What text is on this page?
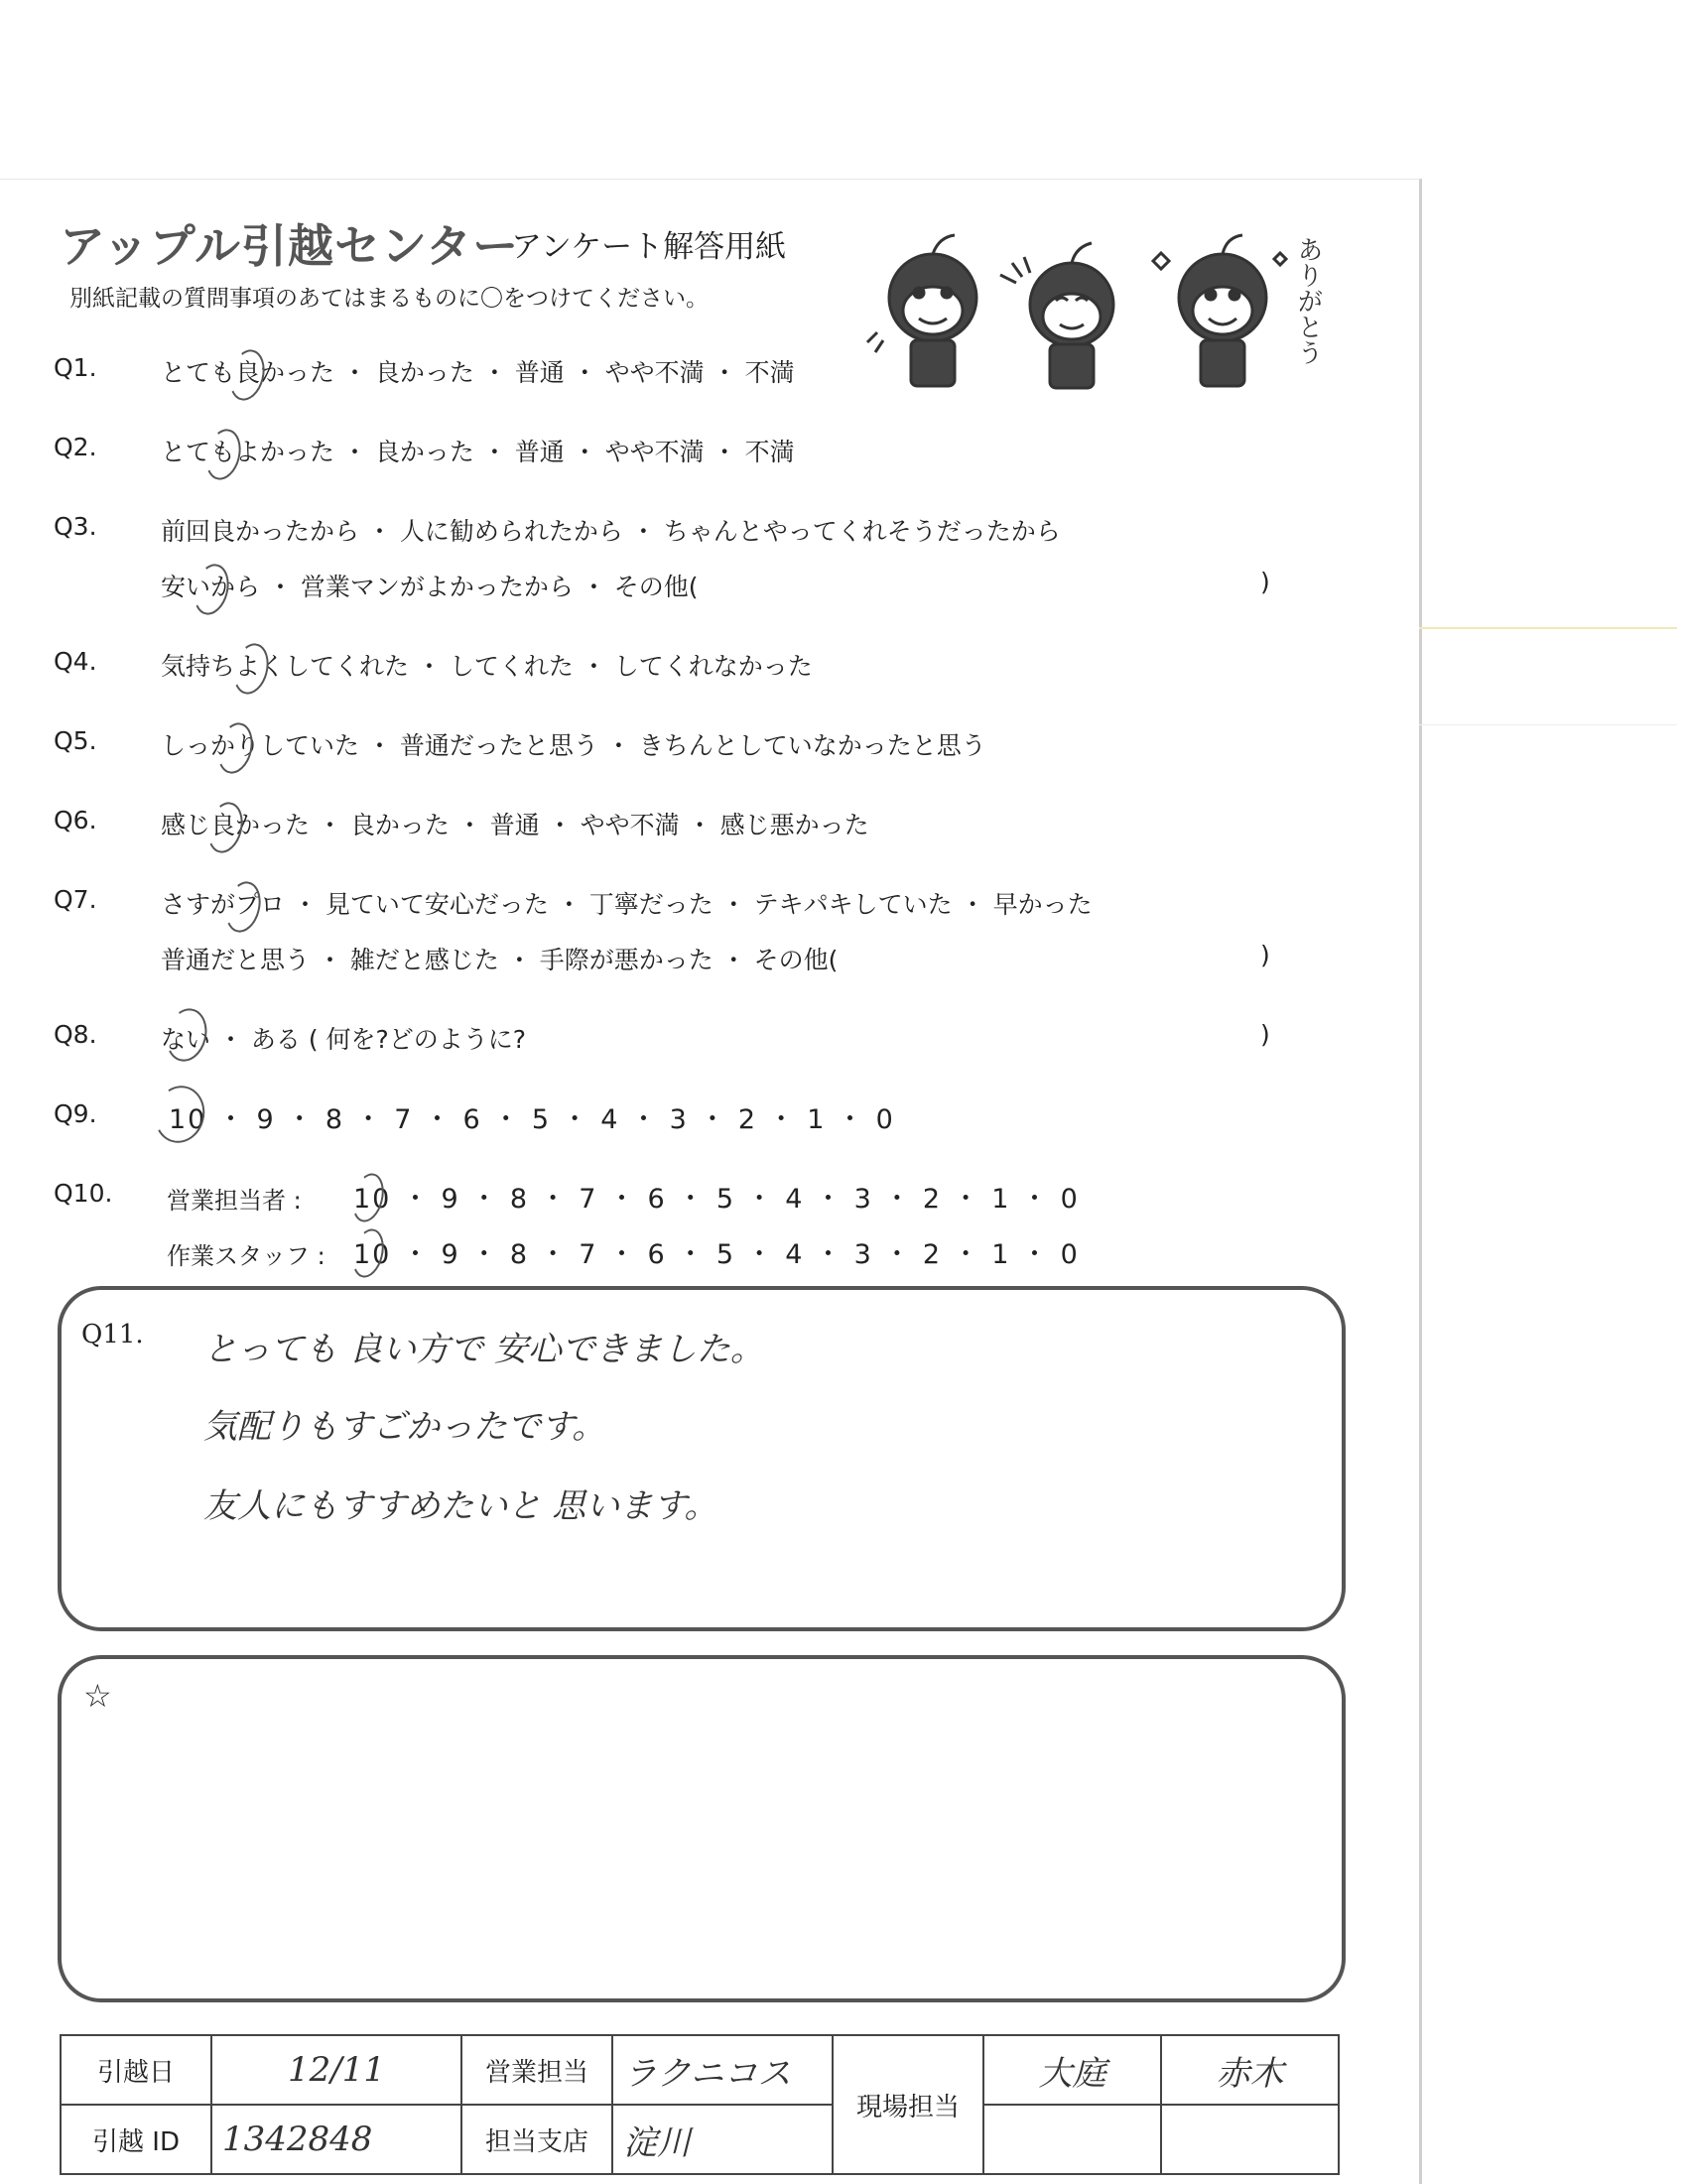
アップル引越センター
アンケート解答用紙
別紙記載の質問事項のあてはまるものに〇をつけてください。	ありがとう
Q1.	とても良かった ・ 良かった ・ 普通 ・ やや不満 ・ 不満
Q2.	とてもよかった ・ 良かった ・ 普通 ・ やや不満 ・ 不満
Q3.	前回良かったから ・ 人に勧められたから ・ ちゃんとやってくれそうだったから
安いから ・ 営業マンがよかったから ・ その他(	)
Q4.	気持ちよくしてくれた ・ してくれた ・ してくれなかった
Q5.	しっかりしていた ・ 普通だったと思う ・ きちんとしていなかったと思う
Q6.	感じ良かった ・ 良かった ・ 普通 ・ やや不満 ・ 感じ悪かった
Q7.	さすがプロ ・ 見ていて安心だった ・ 丁寧だった ・ テキパキしていた ・ 早かった
普通だと思う ・ 雑だと感じた ・ 手際が悪かった ・ その他(	)
Q8.	ない ・ ある ( 何を?どのように?	)
Q9.	10 ・ 9 ・ 8 ・ 7 ・ 6 ・ 5 ・ 4 ・ 3 ・ 2 ・ 1 ・ 0
Q10. 営業担当者 : 10 ・ 9 ・ 8 ・ 7 ・ 6 ・ 5 ・ 4 ・ 3 ・ 2 ・ 1 ・ 0
作業スタッフ : 10 ・ 9 ・ 8 ・ 7 ・ 6 ・ 5 ・ 4 ・ 3 ・ 2 ・ 1 ・ 0
Q11. とっても 良い方で 安心できました。
気配りもすごかったです。
友人にもすすめたいと 思います。
☆
引越日	12/11	営業担当	ラクニコス	現場担当	大庭	赤木
引越 ID	1342848	担当支店	淀川			
